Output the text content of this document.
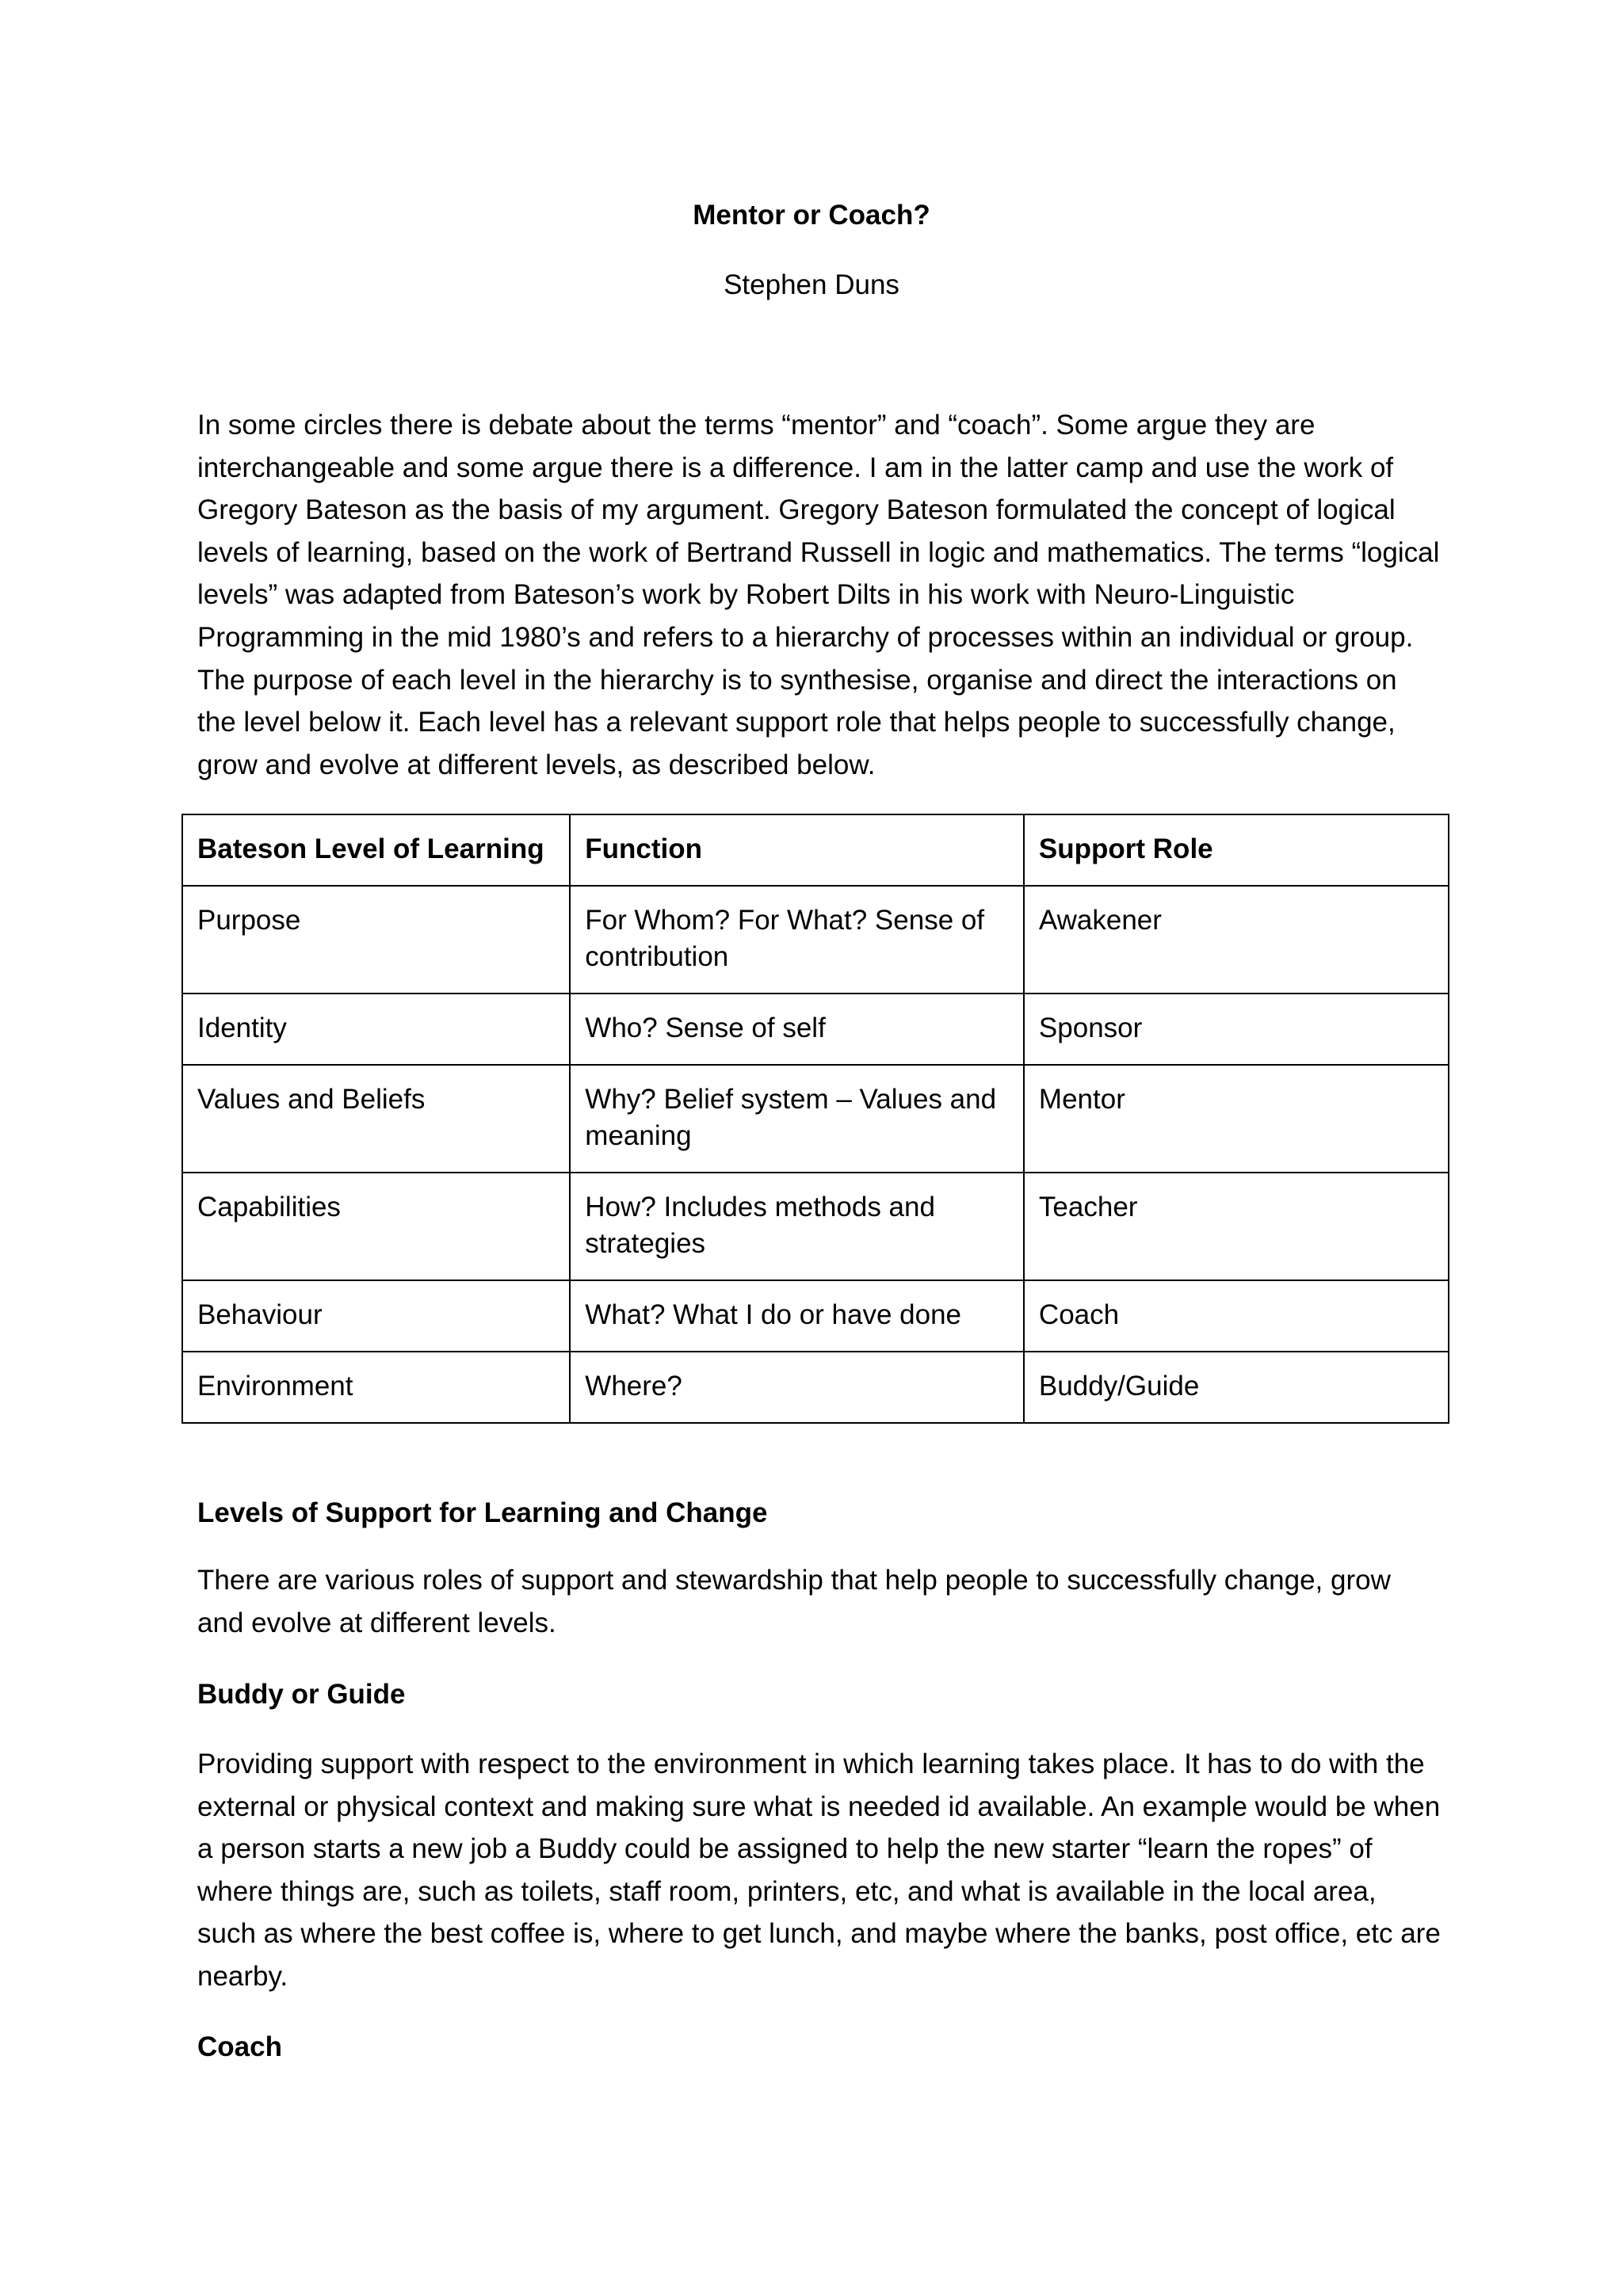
Mentor or Coach?
Stephen Duns

In some circles there is debate about the terms “mentor” and “coach”. Some argue they are interchangeable and some argue there is a difference. I am in the latter camp and use the work of Gregory Bateson as the basis of my argument. Gregory Bateson formulated the concept of logical levels of learning, based on the work of Bertrand Russell in logic and mathematics. The terms “logical levels” was adapted from Bateson’s work by Robert Dilts in his work with Neuro-Linguistic Programming in the mid 1980’s and refers to a hierarchy of processes within an individual or group. The purpose of each level in the hierarchy is to synthesise, organise and direct the interactions on the level below it. Each level has a relevant support role that helps people to successfully change, grow and evolve at different levels, as described below.

Bateson Level of Learning	Function	Support Role
Purpose	For Whom? For What? Sense of contribution	Awakener
Identity	Who? Sense of self	Sponsor
Values and Beliefs	Why? Belief system – Values and meaning	Mentor
Capabilities	How? Includes methods and strategies	Teacher
Behaviour	What? What I do or have done	Coach
Environment	Where?	Buddy/Guide
Levels of Support for Learning and Change

There are various roles of support and stewardship that help people to successfully change, grow and evolve at different levels.

Buddy or Guide

Providing support with respect to the environment in which learning takes place. It has to do with the external or physical context and making sure what is needed id available. An example would be when a person starts a new job a Buddy could be assigned to help the new starter “learn the ropes” of where things are, such as toilets, staff room, printers, etc, and what is available in the local area, such as where the best coffee is, where to get lunch, and maybe where the banks, post office, etc are nearby.

Coach
